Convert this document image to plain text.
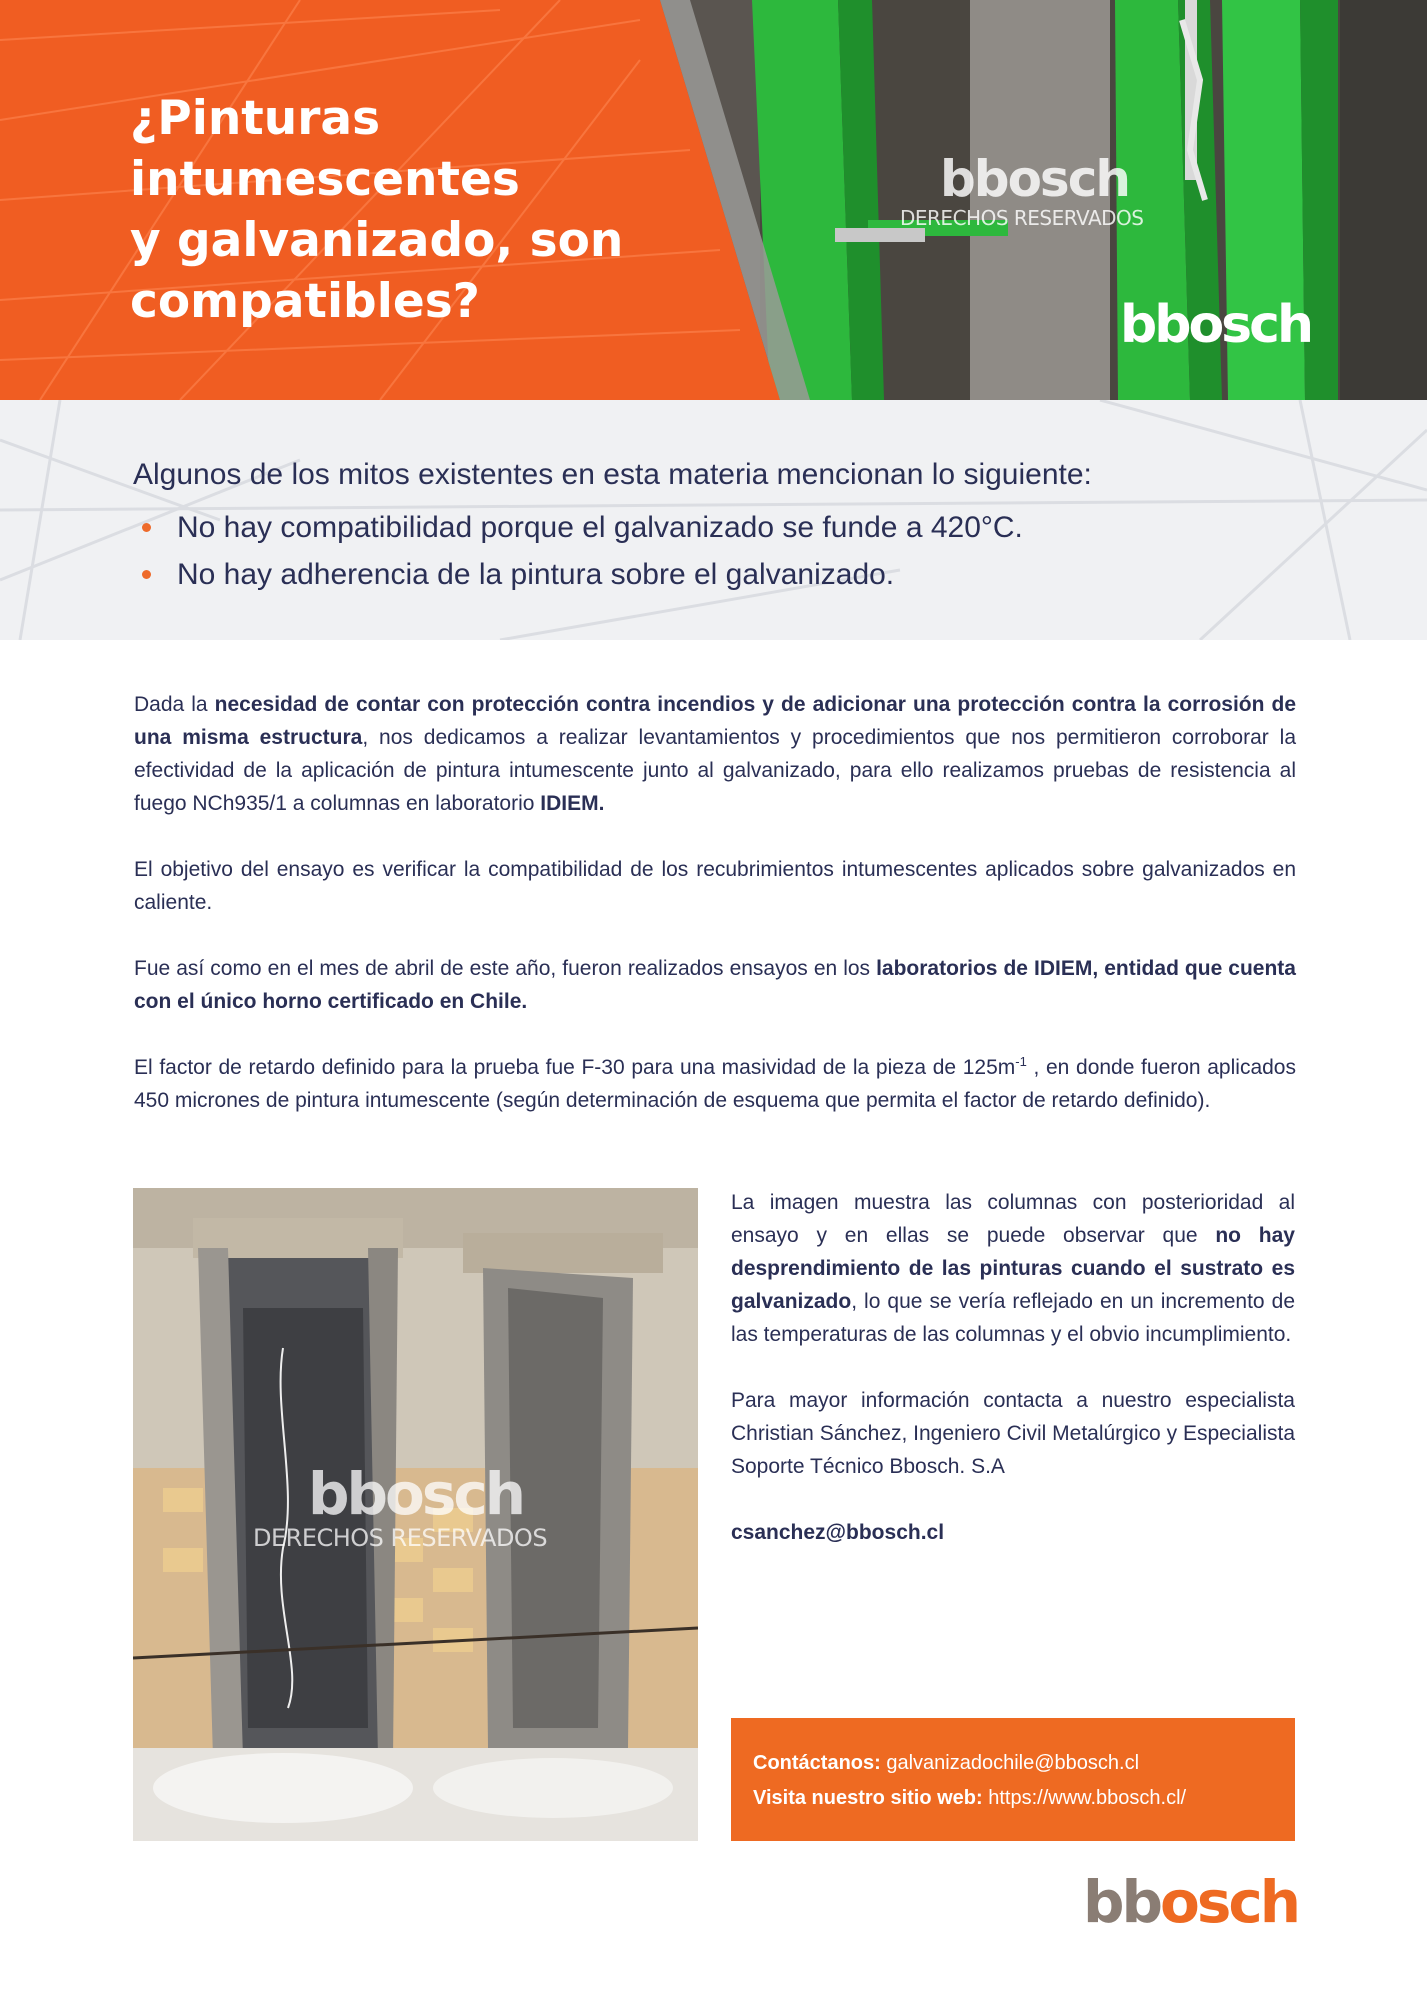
¿Pinturas
intumescentes
y galvanizado, son
compatibles?
bbosch
DERECHOS RESERVADOS
bbosch

Algunos de los mitos existentes en esta materia mencionan lo siguiente:

No hay compatibilidad porque el galvanizado se funde a 420°C.
No hay adherencia de la pintura sobre el galvanizado.

Dada la necesidad de contar con protección contra incendios y de adicionar una protección contra la corrosión de una misma estructura, nos dedicamos a realizar levantamientos y procedimientos que nos permitieron corroborar la efectividad de la aplicación de pintura intumescente junto al galvanizado, para ello realizamos pruebas de resistencia al fuego NCh935/1 a columnas en laboratorio IDIEM.

El objetivo del ensayo es verificar la compatibilidad de los recubrimientos intumescentes aplicados sobre galvanizados en caliente.

Fue así como en el mes de abril de este año, fueron realizados ensayos en los laboratorios de IDIEM, entidad que cuenta con el único horno certificado en Chile.

El factor de retardo definido para la prueba fue F-30 para una masividad de la pieza de $125m^{-1}$ , en donde fueron aplicados 450 micrones de pintura intumescente (según determinación de esquema que permita el factor de retardo definido).

bbosch
DERECHOS RESERVADOS

La imagen muestra las columnas con posterioridad al ensayo y en ellas se puede observar que no hay desprendimiento de las pinturas cuando el sustrato es galvanizado, lo que se vería reflejado en un incremento de las temperaturas de las columnas y el obvio incumplimiento.

Para mayor información contacta a nuestro especialista Christian Sánchez, Ingeniero Civil Metalúrgico y Especialista Soporte Técnico Bbosch. S.A

csanchez@bbosch.cl

Contáctanos: galvanizadochile@bbosch.cl
Visita nuestro sitio web: https://www.bbosch.cl/
bbosch
